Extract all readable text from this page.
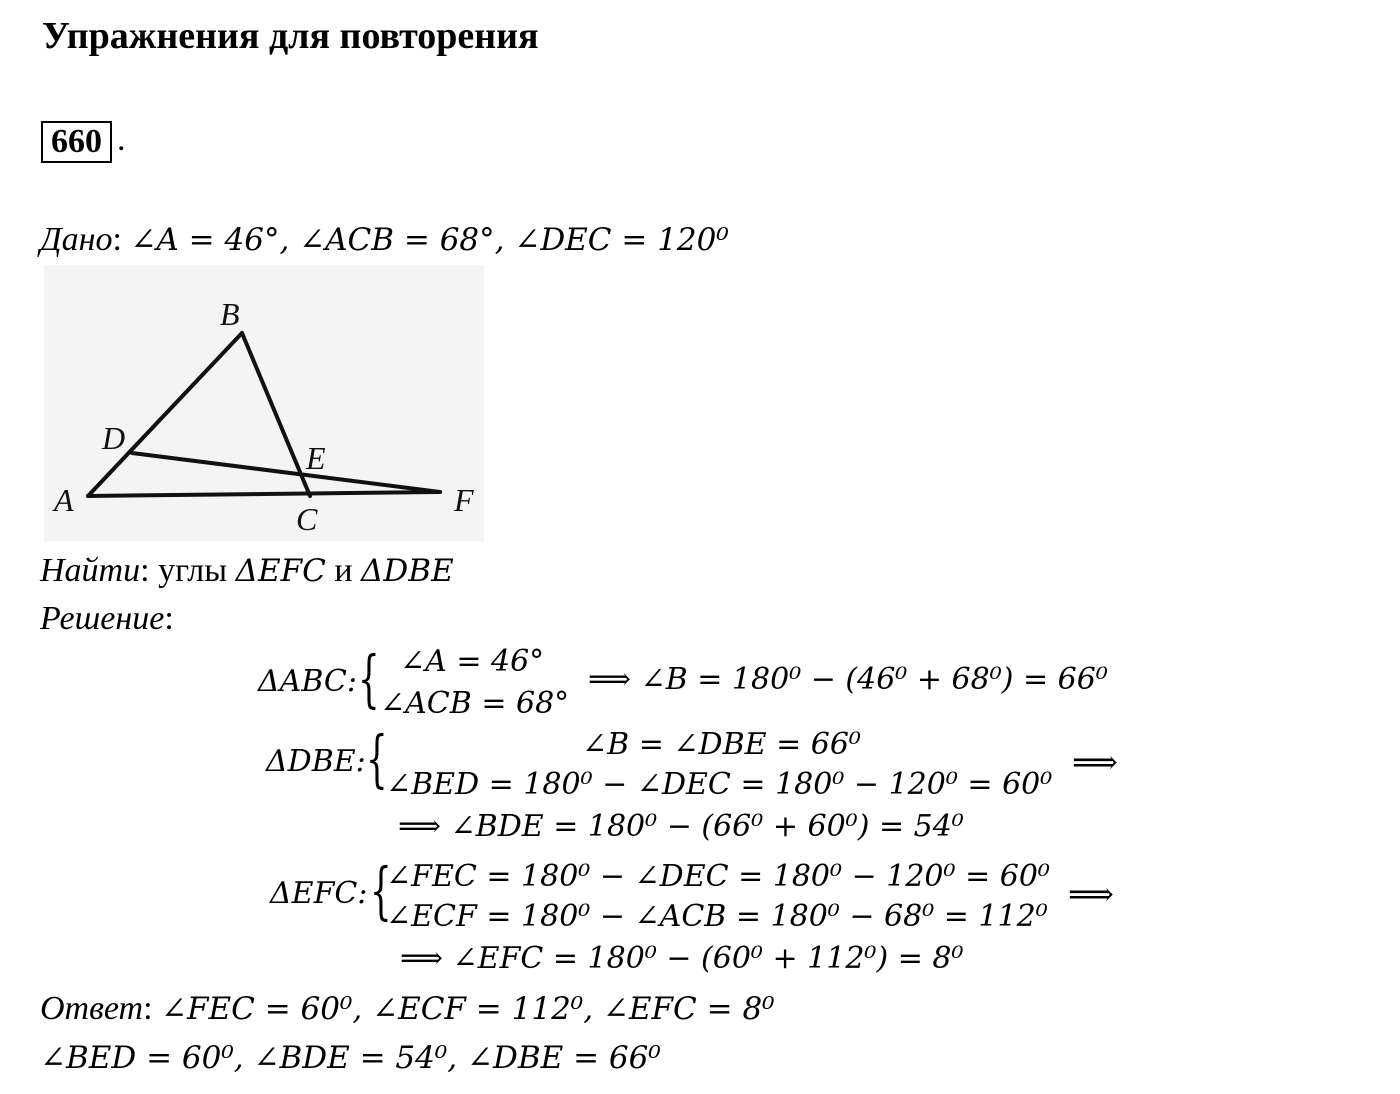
Упражнения для повторения
660 .
Дано: ∠A = 46°, ∠ACB = 68°, ∠DEC = 120⁰
B
D
E
A
C
F
Найти: углы ΔEFC и ΔDBE
Решение:
ΔABC: { ∠A = 46°
∠ACB = 68°
⟹ ∠B = 180⁰ − (46⁰ + 68⁰) = 66⁰
ΔDBE: {	∠B = ∠DBE = 66⁰
∠BED = 180⁰ − ∠DEC = 180⁰ − 120⁰ = 60⁰
⟹
⟹ ∠BDE = 180⁰ − (66⁰ + 60⁰) = 54⁰
ΔEFC: {
∠FEC = 180⁰ − ∠DEC = 180⁰ − 120⁰ = 60⁰
∠ECF = 180⁰ − ∠ACB = 180⁰ − 68⁰ = 112⁰
⟹
⟹ ∠EFC = 180⁰ − (60⁰ + 112⁰) = 8⁰
Ответ: ∠FEC = 60⁰, ∠ECF = 112⁰, ∠EFC = 8⁰
∠BED = 60⁰, ∠BDE = 54⁰, ∠DBE = 66⁰
